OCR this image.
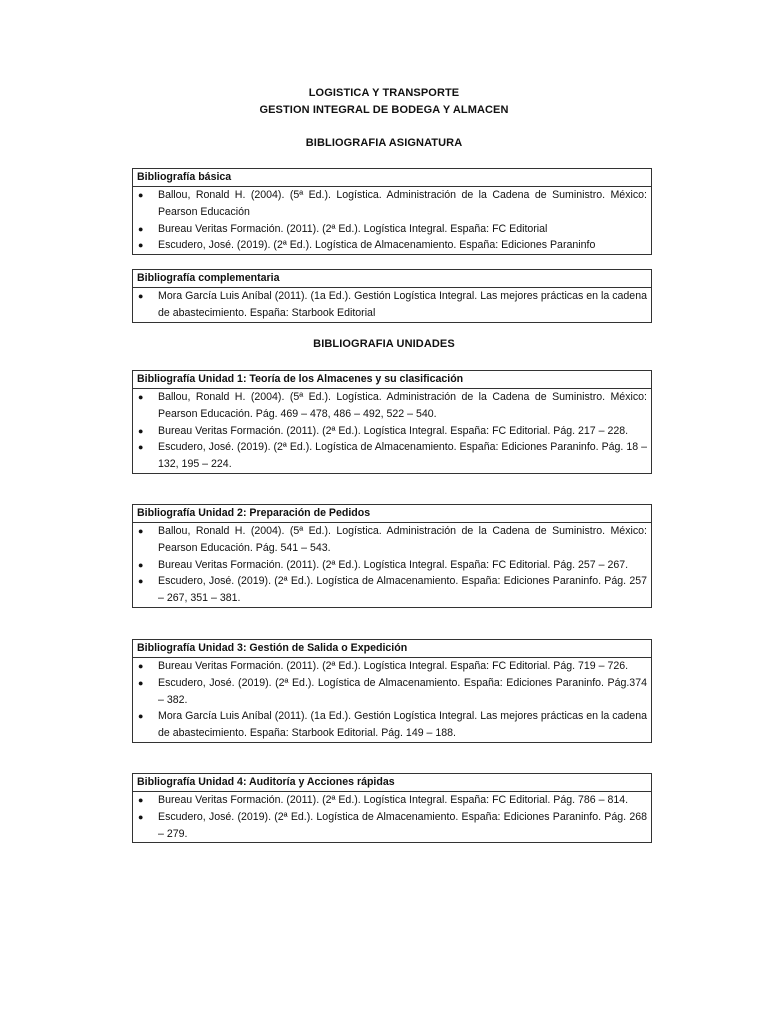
LOGISTICA Y TRANSPORTE
GESTION INTEGRAL DE BODEGA Y ALMACEN
BIBLIOGRAFIA ASIGNATURA
Bibliografía básica
●	Ballou, Ronald H. (2004). (5ª Ed.). Logística. Administración de la Cadena de Suministro. México: Pearson Educación
●	Bureau Veritas Formación. (2011). (2ª Ed.). Logística Integral. España: FC Editorial
●	Escudero, José. (2019). (2ª Ed.). Logística de Almacenamiento. España: Ediciones Paraninfo
Bibliografía complementaria
●	Mora García Luis Aníbal (2011). (1a Ed.). Gestión Logística Integral. Las mejores prácticas en la cadena de abastecimiento. España: Starbook Editorial
BIBLIOGRAFIA UNIDADES
Bibliografía Unidad 1: Teoría de los Almacenes y su clasificación
●	Ballou, Ronald H. (2004). (5ª Ed.). Logística. Administración de la Cadena de Suministro. México: Pearson Educación. Pág. 469 – 478, 486 – 492, 522 – 540.
●	Bureau Veritas Formación. (2011). (2ª Ed.). Logística Integral. España: FC Editorial. Pág. 217 – 228.
●	Escudero, José. (2019). (2ª Ed.). Logística de Almacenamiento. España: Ediciones Paraninfo. Pág. 18 – 132, 195 – 224.
Bibliografía Unidad 2: Preparación de Pedidos
●	Ballou, Ronald H. (2004). (5ª Ed.). Logística. Administración de la Cadena de Suministro. México: Pearson Educación. Pág. 541 – 543.
●	Bureau Veritas Formación. (2011). (2ª Ed.). Logística Integral. España: FC Editorial. Pág. 257 – 267.
●	Escudero, José. (2019). (2ª Ed.). Logística de Almacenamiento. España: Ediciones Paraninfo. Pág. 257 – 267, 351 – 381.
Bibliografía Unidad 3: Gestión de Salida o Expedición
●	Bureau Veritas Formación. (2011). (2ª Ed.). Logística Integral. España: FC Editorial. Pág. 719 – 726.
●	Escudero, José. (2019). (2ª Ed.). Logística de Almacenamiento. España: Ediciones Paraninfo. Pág.374 – 382.
●	Mora García Luis Aníbal (2011). (1a Ed.). Gestión Logística Integral. Las mejores prácticas en la cadena de abastecimiento. España: Starbook Editorial. Pág. 149 – 188.
Bibliografía Unidad 4: Auditoría y Acciones rápidas
●	Bureau Veritas Formación. (2011). (2ª Ed.). Logística Integral. España: FC Editorial. Pág. 786 – 814.
●	Escudero, José. (2019). (2ª Ed.). Logística de Almacenamiento. España: Ediciones Paraninfo. Pág. 268 – 279.
